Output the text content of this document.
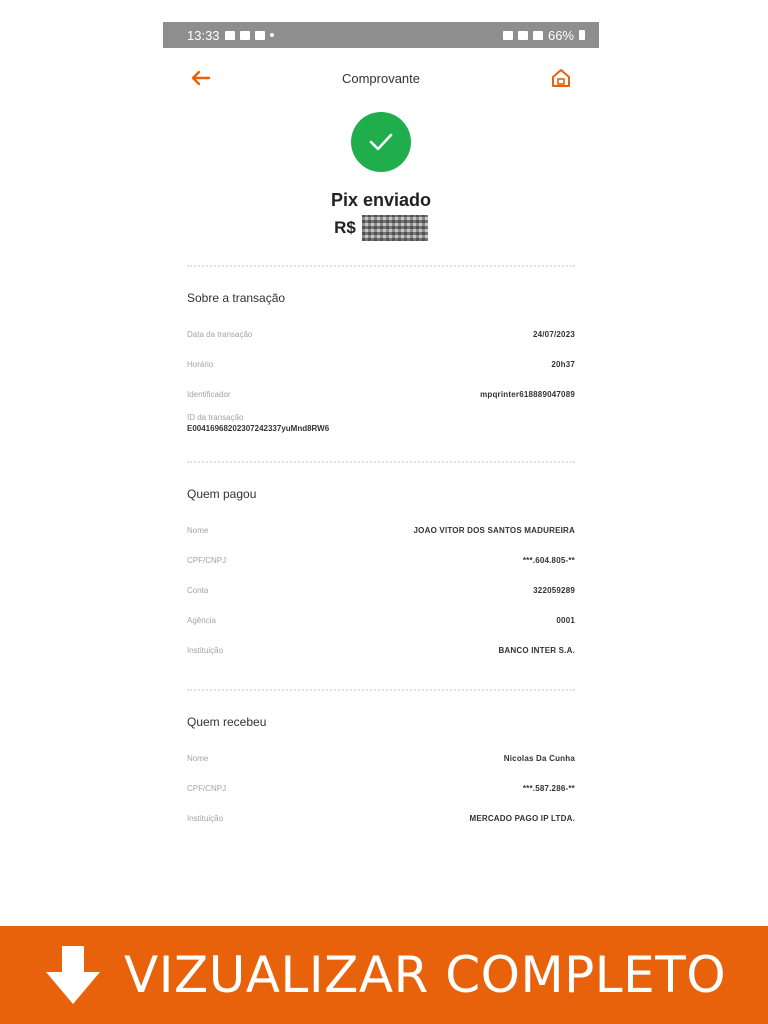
13:33	66%
Comprovante
Pix enviado
R$
Sobre a transação
Data da transação	24/07/2023
Horário	20h37
Identificador	mpqrinter618889047089
ID da transação
E00416968202307242337yuMnd8RW6
Quem pagou
Nome	JOAO VITOR DOS SANTOS MADUREIRA
CPF/CNPJ	***.604.805-**
Conta	322059289
Agência	0001
Instituição	BANCO INTER S.A.
Quem recebeu
Nome	Nicolas Da Cunha
CPF/CNPJ	***.587.286-**
Instituição	MERCADO PAGO IP LTDA.
VIZUALIZAR COMPLETO
